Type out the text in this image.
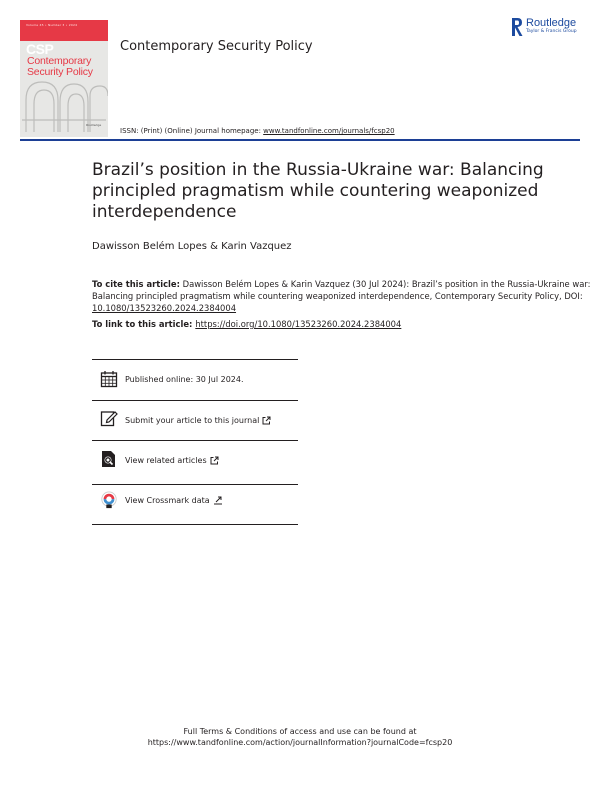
Volume 45 • Number 3 • 2024
CSP
Contemporary
Security Policy
Routledge
Contemporary Security Policy
Routledge
Taylor & Francis Group
ISSN: (Print) (Online) Journal homepage: www.tandfonline.com/journals/fcsp20
Brazil’s position in the Russia-Ukraine war: Balancing principled pragmatism while countering weaponized interdependence
Dawisson Belém Lopes & Karin Vazquez
To cite this article: Dawisson Belém Lopes & Karin Vazquez (30 Jul 2024): Brazil’s position in the Russia-Ukraine war: Balancing principled pragmatism while countering weaponized interdependence, Contemporary Security Policy, DOI: 10.1080/13523260.2024.2384004
To link to this article: https://doi.org/10.1080/13523260.2024.2384004
Published online: 30 Jul 2024.
Submit your article to this journal
View related articles
View Crossmark data
Full Terms & Conditions of access and use can be found at
https://www.tandfonline.com/action/journalInformation?journalCode=fcsp20
